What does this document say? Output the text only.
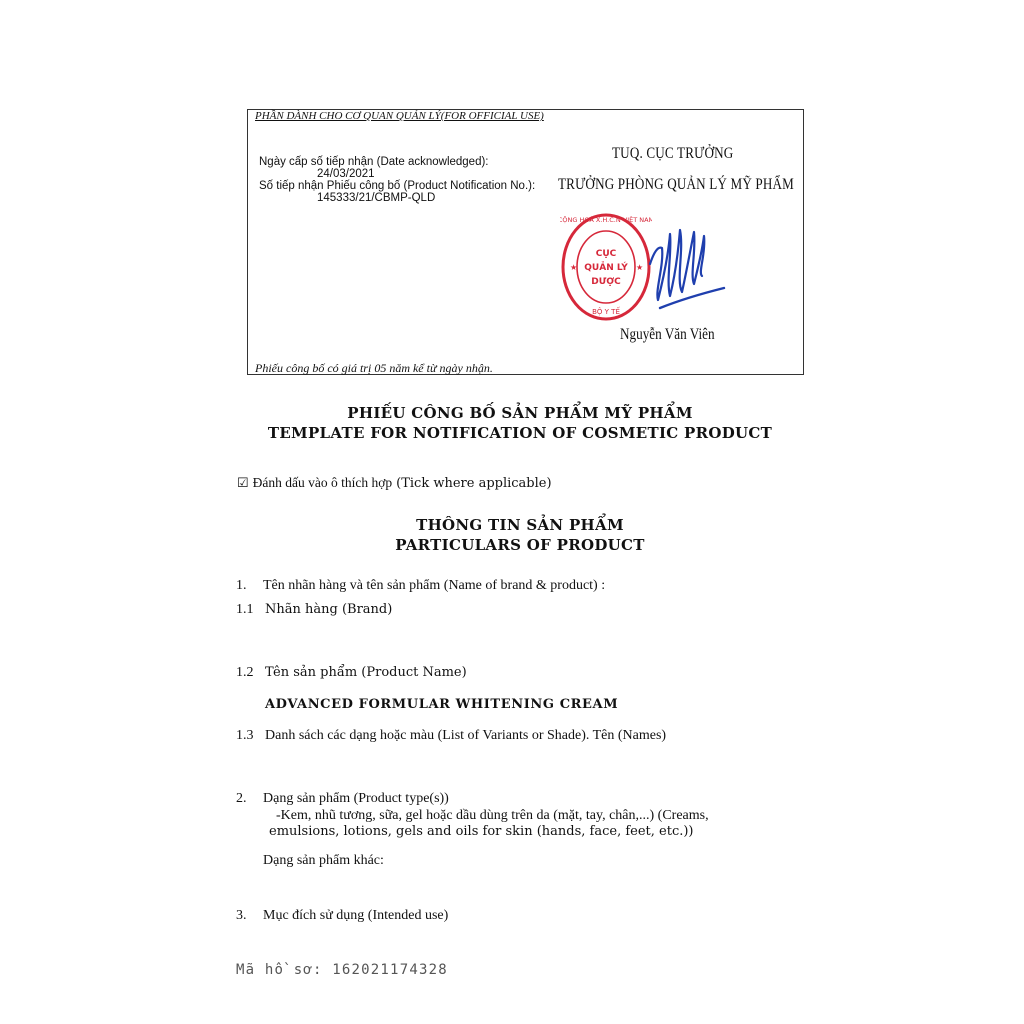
PHẦN DÀNH CHO CƠ QUAN QUẢN LÝ(FOR OFFICIAL USE)
Ngày cấp số tiếp nhận (Date acknowledged):
24/03/2021
Số tiếp nhận Phiếu công bố (Product Notification No.):
145333/21/CBMP-QLD
TUQ. CỤC TRƯỞNG
TRƯỞNG PHÒNG QUẢN LÝ MỸ PHẨM
CỘNG HOÀ X.H.C.N VIỆT NAM
BỘ Y TẾ
CỤC
QUẢN LÝ
DƯỢC
★	★
Nguyễn Văn Viên
Phiếu công bố có giá trị 05 năm kể từ ngày nhận.
PHIẾU CÔNG BỐ SẢN PHẨM MỸ PHẨM
TEMPLATE FOR NOTIFICATION OF COSMETIC PRODUCT
☑ Đánh dấu vào ô thích hợp (Tick where applicable)
THÔNG TIN SẢN PHẨM
PARTICULARS OF PRODUCT
1. Tên nhãn hàng và tên sản phẩm (Name of brand & product) :
1.1 Nhãn hàng (Brand)
1.2 Tên sản phẩm (Product Name)
ADVANCED FORMULAR WHITENING CREAM
1.3 Danh sách các dạng hoặc màu (List of Variants or Shade). Tên (Names)
2. Dạng sản phẩm (Product type(s))
-Kem, nhũ tương, sữa, gel hoặc dầu dùng trên da (mặt, tay, chân,...) (Creams,
emulsions, lotions, gels and oils for skin (hands, face, feet, etc.))
Dạng sản phẩm khác:
3. Mục đích sử dụng (Intended use)
Mã hồ sơ: 162021174328
